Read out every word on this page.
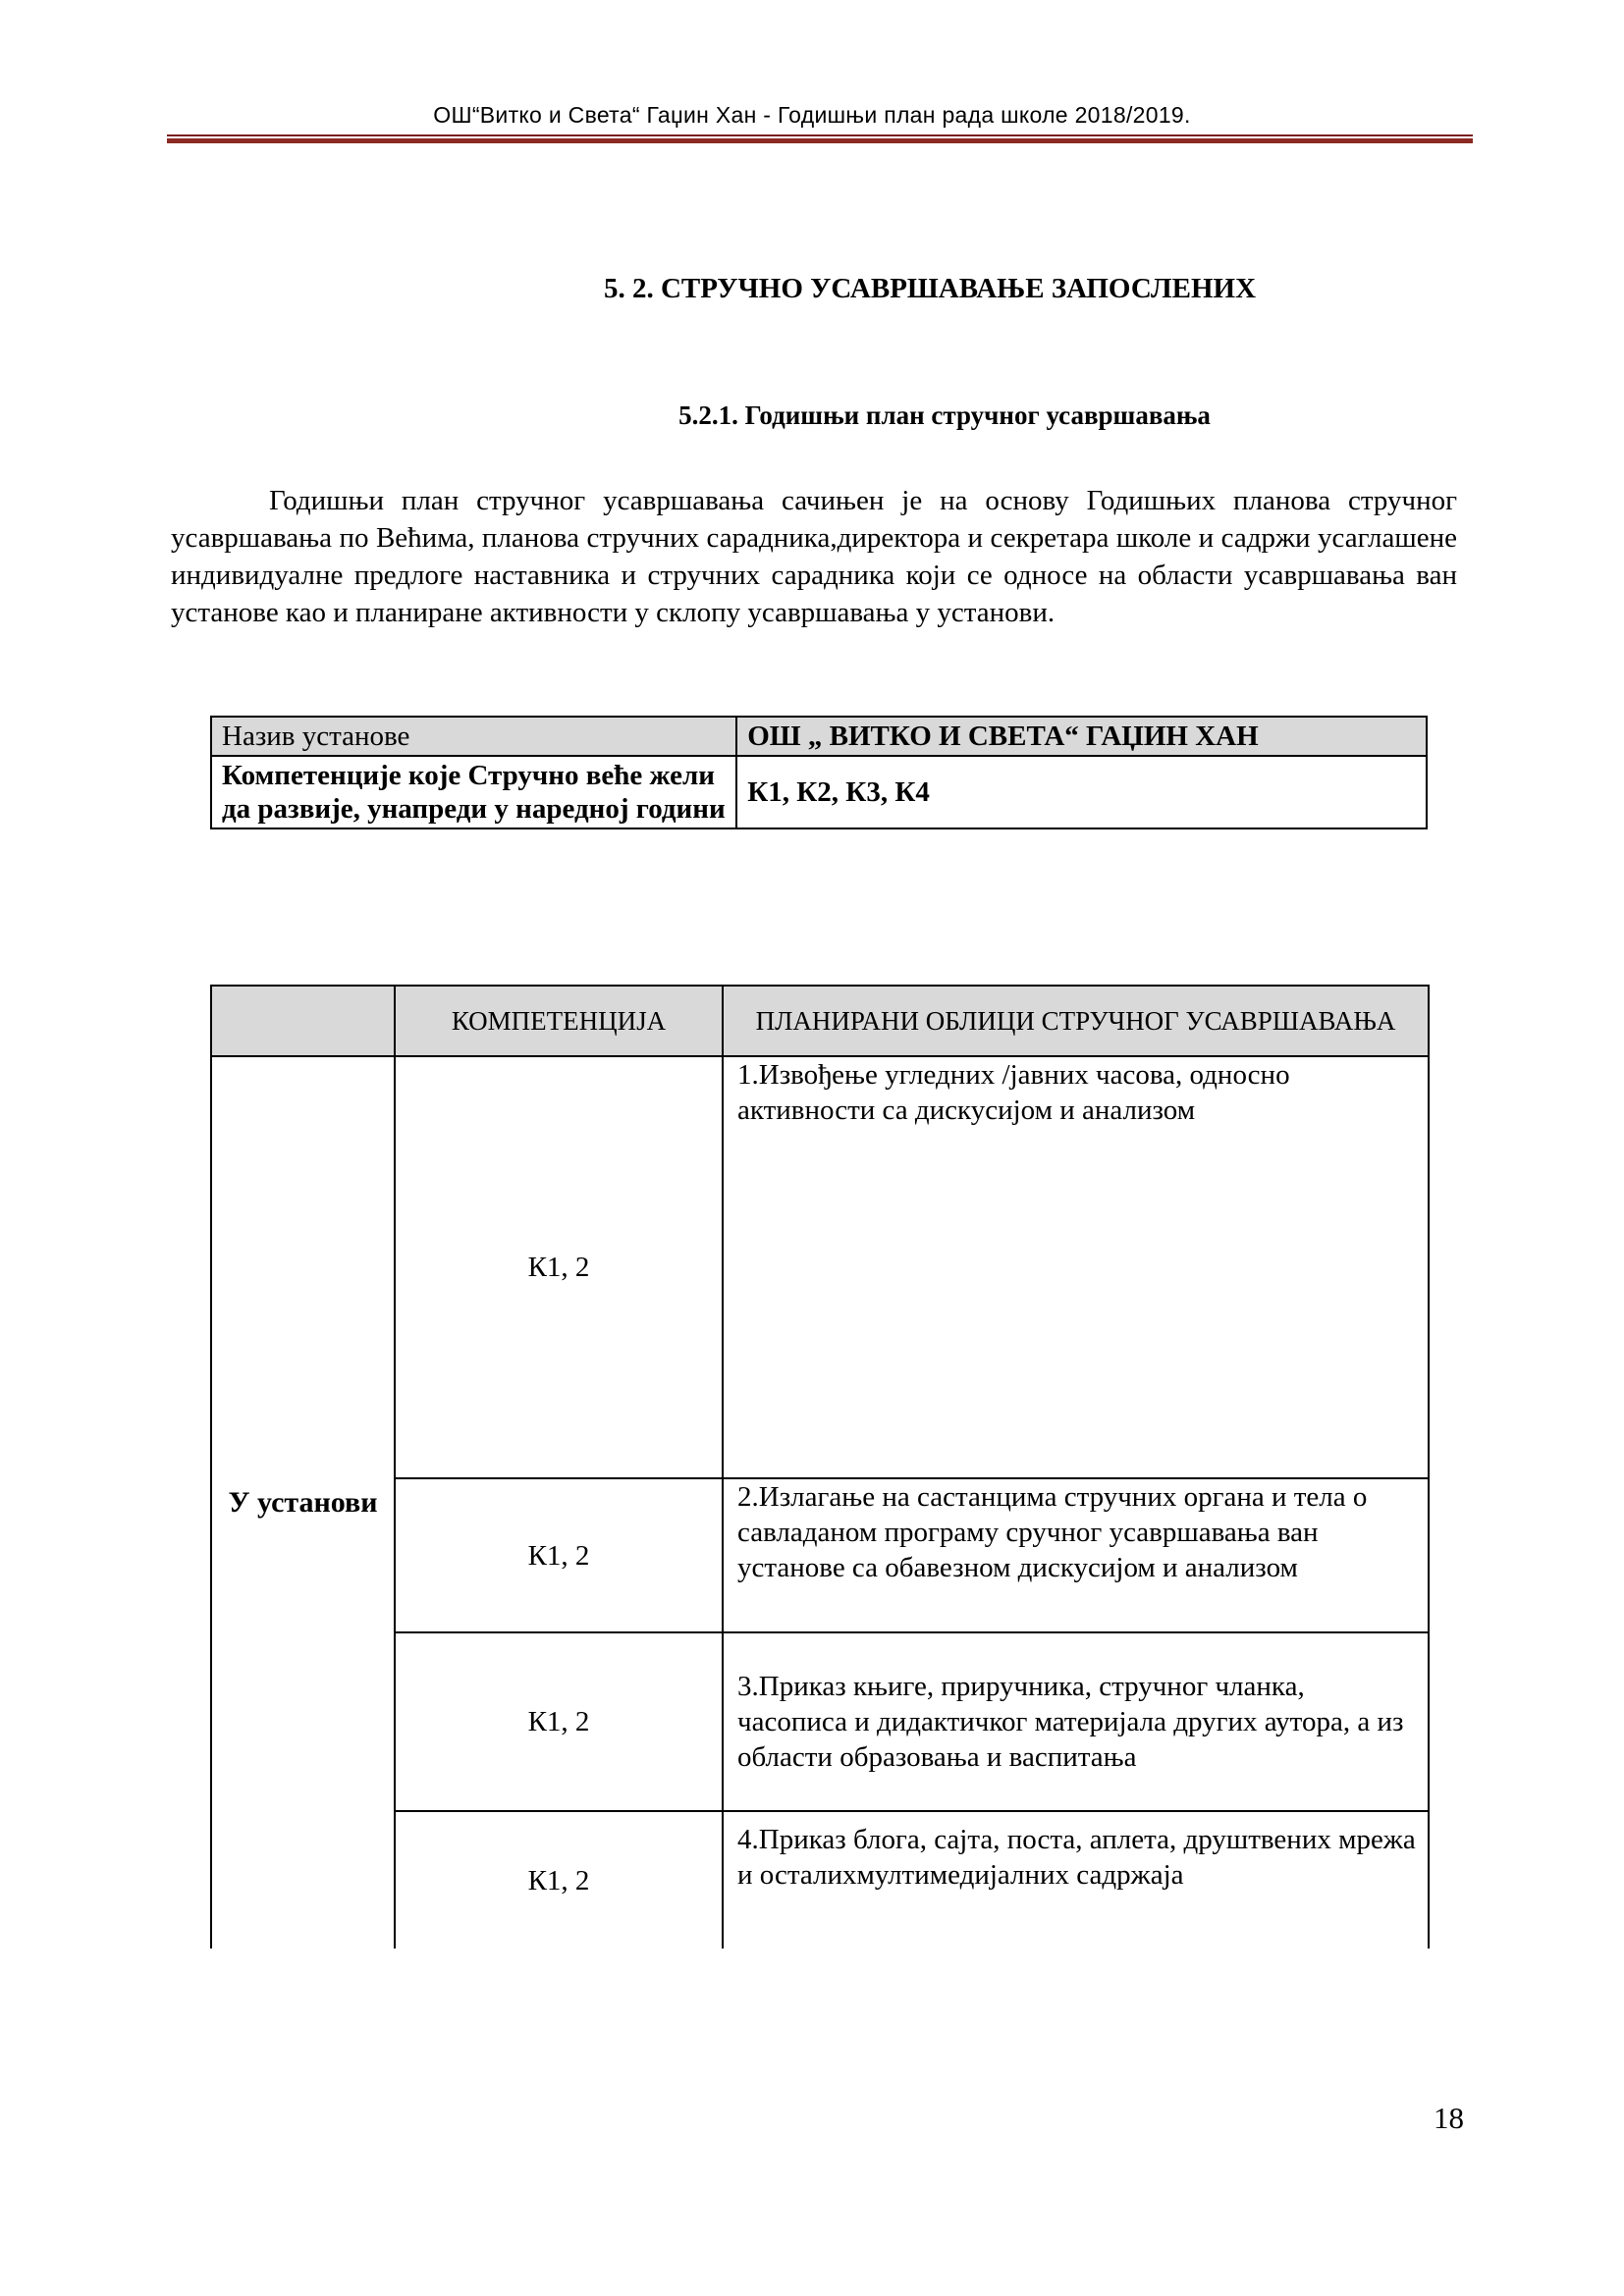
ОШ“Витко и Света“ Гаџин Хан - Годишњи план рада школе 2018/2019.
5. 2. СТРУЧНО УСАВРШАВАЊЕ ЗАПОСЛЕНИХ
5.2.1. Годишњи план стручног усавршавања

Годишњи план стручног усавршавања сачињен је на основу Годишњих планова стручног усавршавања по Већима, планова стручних сарадника,директора и секретара школе и садржи усаглашене индивидуалне предлоге наставника и стручних сарадника који се односе на области усавршавања ван установе као и планиране активности у склопу усавршавања у установи.

Назив установе	ОШ „ ВИТКО И СВЕТА“ ГАЏИН ХАН
Компетенције које Стручно веће жели да развије, унапреди у наредној години	К1, К2, К3, К4
	КОМПЕТЕНЦИЈА	ПЛАНИРАНИ ОБЛИЦИ СТРУЧНОГ УСАВРШАВАЊА
У установи	К1, 2	1.Извођење угледних /јавних часова, односно активности са дискусијом и анализом
	К1, 2	2.Излагање на састанцима стручних органа и тела о савладаном програму сручног усавршавања ван установе са обавезном дискусијом и анализом
	К1, 2	3.Приказ књиге, приручника, стручног чланка, часописа и дидактичког материјала других аутора, а из области образовања и васпитања
	К1, 2	4.Приказ блога, сајта, поста, аплета, друштвених мрежа и осталихмултимедијалних садржаја
18
